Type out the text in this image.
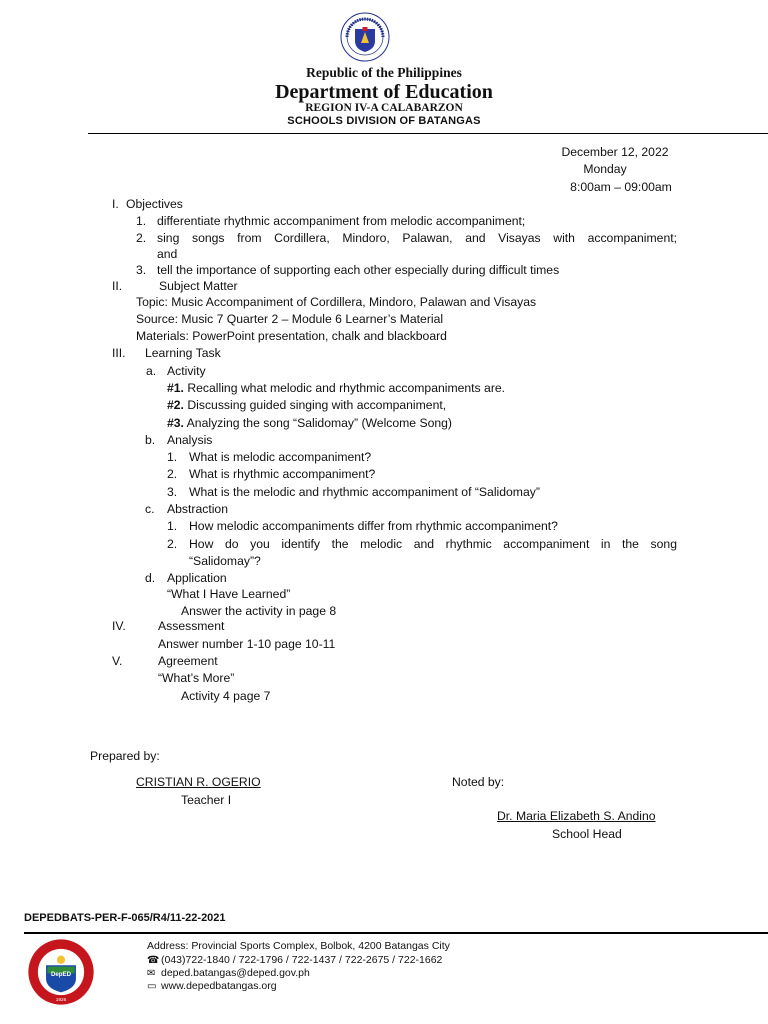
Republic of the Philippines
Department of Education
REGION IV-A CALABARZON
SCHOOLS DIVISION OF BATANGAS
December 12, 2022
Monday
8:00am – 09:00am
I. Objectives
1. differentiate rhythmic accompaniment from melodic accompaniment;
2. sing songs from Cordillera, Mindoro, Palawan, and Visayas with accompaniment;
and
3. tell the importance of supporting each other especially during difficult times
II.	Subject Matter
Topic: Music Accompaniment of Cordillera, Mindoro, Palawan and Visayas
Source: Music 7 Quarter 2 – Module 6 Learner’s Material
Materials: PowerPoint presentation, chalk and blackboard
III. Learning Task
a. Activity
#1. Recalling what melodic and rhythmic accompaniments are.
#2. Discussing guided singing with accompaniment,
#3. Analyzing the song “Salidomay” (Welcome Song)
b. Analysis
1. What is melodic accompaniment?
2. What is rhythmic accompaniment?
3. What is the melodic and rhythmic accompaniment of “Salidomay”
c. Abstraction
1. How melodic accompaniments differ from rhythmic accompaniment?
2. How do you identify the melodic and rhythmic accompaniment in the song
“Salidomay”?
d. Application
“What I Have Learned”
Answer the activity in page 8
IV.	Assessment
Answer number 1-10 page 10-11
V.	Agreement
“What’s More”
Activity 4 page 7
Prepared by:
CRISTIAN R. OGERIO
Teacher I
Noted by:
Dr. Maria Elizabeth S. Andino
School Head
DEPEDBATS-PER-F-065/R4/11-22-2021
DepED
1926
Address: Provincial Sports Complex, Bolbok, 4200 Batangas City
☎ (043)722-1840 / 722-1796 / 722-1437 / 722-2675 / 722-1662
✉ deped.batangas@deped.gov.ph
▭ www.depedbatangas.org
